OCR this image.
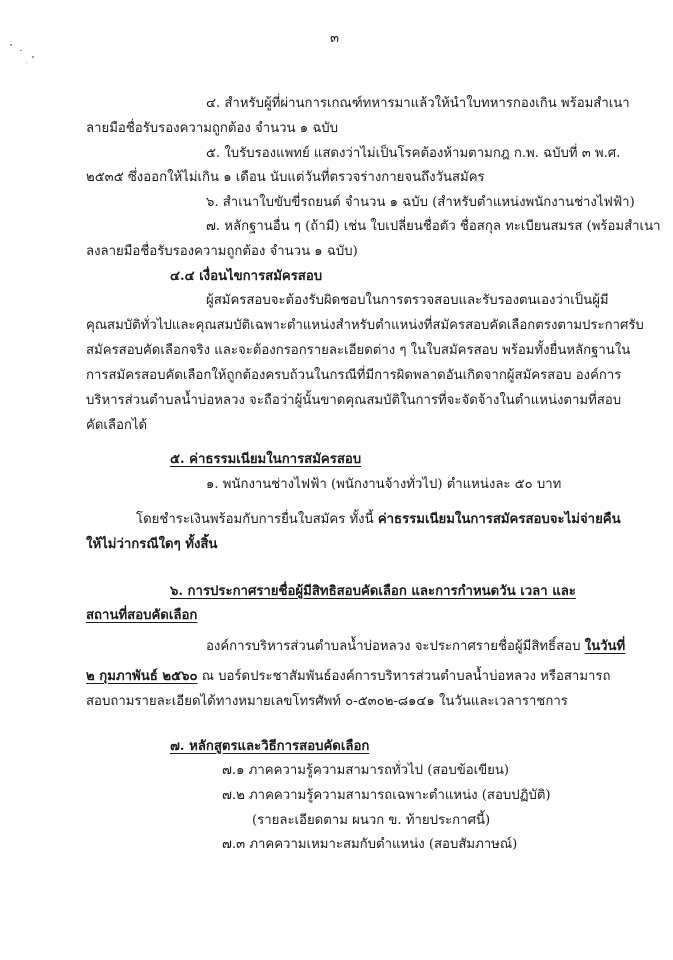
๓
๔. สำหรับผู้ที่ผ่านการเกณฑ์ทหารมาแล้วให้นำใบทหารกองเกิน พร้อมสำเนา
ลายมือชื่อรับรองความถูกต้อง จำนวน ๑ ฉบับ
๕. ใบรับรองแพทย์ แสดงว่าไม่เป็นโรคต้องห้ามตามกฎ ก.พ. ฉบับที่ ๓ พ.ศ.
๒๕๓๕ ซึ่งออกให้ไม่เกิน ๑ เดือน นับแต่วันที่ตรวจร่างกายจนถึงวันสมัคร
๖. สำเนาใบขับขี่รถยนต์ จำนวน ๑ ฉบับ (สำหรับตำแหน่งพนักงานช่างไฟฟ้า)
๗. หลักฐานอื่น ๆ (ถ้ามี) เช่น ใบเปลี่ยนชื่อตัว ชื่อสกุล ทะเบียนสมรส (พร้อมสำเนา
ลงลายมือชื่อรับรองความถูกต้อง จำนวน ๑ ฉบับ)
๔.๔ เงื่อนไขการสมัครสอบ
ผู้สมัครสอบจะต้องรับผิดชอบในการตรวจสอบและรับรองตนเองว่าเป็นผู้มี
คุณสมบัติทั่วไปและคุณสมบัติเฉพาะตำแหน่งสำหรับตำแหน่งที่สมัครสอบคัดเลือกตรงตามประกาศรับ
สมัครสอบคัดเลือกจริง และจะต้องกรอกรายละเอียดต่าง ๆ ในใบสมัครสอบ พร้อมทั้งยื่นหลักฐานใน
การสมัครสอบคัดเลือกให้ถูกต้องครบถ้วนในกรณีที่มีการผิดพลาดอันเกิดจากผู้สมัครสอบ องค์การ
บริหารส่วนตำบลน้ำบ่อหลวง จะถือว่าผู้นั้นขาดคุณสมบัติในการที่จะจัดจ้างในตำแหน่งตามที่สอบ
คัดเลือกได้
๕. ค่าธรรมเนียมในการสมัครสอบ
๑. พนักงานช่างไฟฟ้า (พนักงานจ้างทั่วไป) ตำแหน่งละ ๕๐ บาท
โดยชำระเงินพร้อมกับการยื่นใบสมัคร ทั้งนี้ ค่าธรรมเนียมในการสมัครสอบจะไม่จ่ายคืน
ให้ไม่ว่ากรณีใดๆ ทั้งสิ้น
๖. การประกาศรายชื่อผู้มีสิทธิสอบคัดเลือก และการกำหนดวัน เวลา และ
สถานที่สอบคัดเลือก
องค์การบริหารส่วนตำบลน้ำบ่อหลวง จะประกาศรายชื่อผู้มีสิทธิ์สอบ ในวันที่
๒ กุมภาพันธ์ ๒๕๖๐ ณ บอร์ดประชาสัมพันธ์องค์การบริหารส่วนตำบลน้ำบ่อหลวง หรือสามารถ
สอบถามรายละเอียดได้ทางหมายเลขโทรศัพท์ ๐-๕๓๐๒-๘๑๔๑ ในวันและเวลาราชการ
๗. หลักสูตรและวิธีการสอบคัดเลือก
๗.๑ ภาคความรู้ความสามารถทั่วไป (สอบข้อเขียน)
๗.๒ ภาคความรู้ความสามารถเฉพาะตำแหน่ง (สอบปฏิบัติ)
(รายละเอียดตาม ผนวก ข. ท้ายประกาศนี้)
๗.๓ ภาคความเหมาะสมกับตำแหน่ง (สอบสัมภาษณ์)
